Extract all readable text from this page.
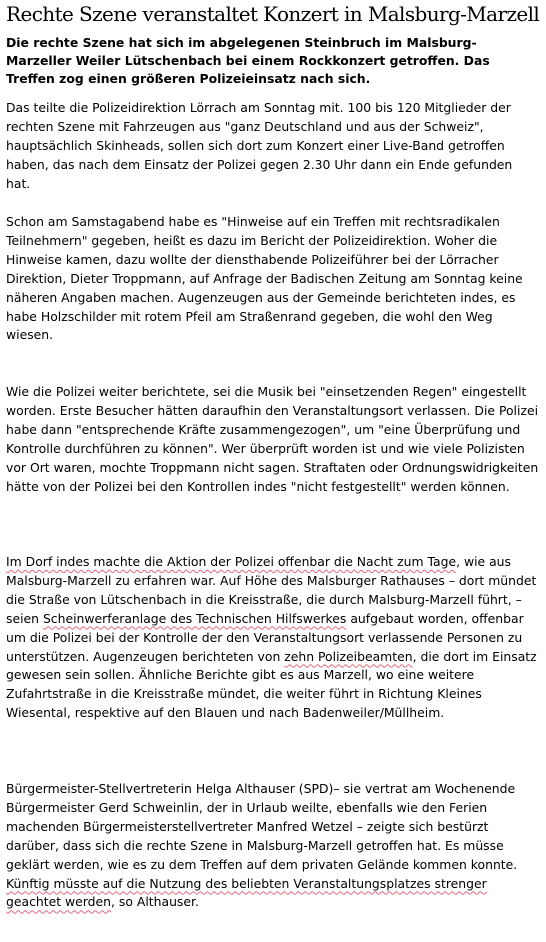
Rechte Szene veranstaltet Konzert in Malsburg-Marzell
Die rechte Szene hat sich im abgelegenen Steinbruch im Malsburg-Marzeller Weiler Lütschenbach bei einem Rockkonzert getroffen. Das Treffen zog einen größeren Polizeieinsatz nach sich.
Das teilte die Polizeidirektion Lörrach am Sonntag mit. 100 bis 120 Mitglieder der rechten Szene mit Fahrzeugen aus "ganz Deutschland und aus der Schweiz", hauptsächlich Skinheads, sollen sich dort zum Konzert einer Live-Band getroffen haben, das nach dem Einsatz der Polizei gegen 2.30 Uhr dann ein Ende gefunden hat.
Schon am Samstagabend habe es "Hinweise auf ein Treffen mit rechtsradikalen Teilnehmern" gegeben, heißt es dazu im Bericht der Polizeidirektion. Woher die Hinweise kamen, dazu wollte der diensthabende Polizeiführer bei der Lörracher Direktion, Dieter Troppmann, auf Anfrage der Badischen Zeitung am Sonntag keine näheren Angaben machen. Augenzeugen aus der Gemeinde berichteten indes, es habe Holzschilder mit rotem Pfeil am Straßenrand gegeben, die wohl den Weg wiesen.
Wie die Polizei weiter berichtete, sei die Musik bei "einsetzenden Regen" eingestellt worden. Erste Besucher hätten daraufhin den Veranstaltungsort verlassen. Die Polizei habe dann "entsprechende Kräfte zusammengezogen", um "eine Überprüfung und Kontrolle durchführen zu können". Wer überprüft worden ist und wie viele Polizisten vor Ort waren, mochte Troppmann nicht sagen. Straftaten oder Ordnungswidrigkeiten hätte von der Polizei bei den Kontrollen indes "nicht festgestellt" werden können.
Im Dorf indes machte die Aktion der Polizei offenbar die Nacht zum Tage, wie aus Malsburg-Marzell zu erfahren war. Auf Höhe des Malsburger Rathauses – dort mündet die Straße von Lütschenbach in die Kreisstraße, die durch Malsburg-Marzell führt, – seien Scheinwerferanlage des Technischen Hilfswerkes aufgebaut worden, offenbar um die Polizei bei der Kontrolle der den Veranstaltungsort verlassende Personen zu unterstützen. Augenzeugen berichteten von zehn Polizeibeamten, die dort im Einsatz gewesen sein sollen. Ähnliche Berichte gibt es aus Marzell, wo eine weitere Zufahrtstraße in die Kreisstraße mündet, die weiter führt in Richtung Kleines Wiesental, respektive auf den Blauen und nach Badenweiler/Müllheim.
Bürgermeister-Stellvertreterin Helga Althauser (SPD)– sie vertrat am Wochenende Bürgermeister Gerd Schweinlin, der in Urlaub weilte, ebenfalls wie den Ferien machenden Bürgermeisterstellvertreter Manfred Wetzel – zeigte sich bestürzt darüber, dass sich die rechte Szene in Malsburg-Marzell getroffen hat. Es müsse geklärt werden, wie es zu dem Treffen auf dem privaten Gelände kommen konnte. Künftig müsste auf die Nutzung des beliebten Veranstaltungsplatzes strenger geachtet werden, so Althauser.
